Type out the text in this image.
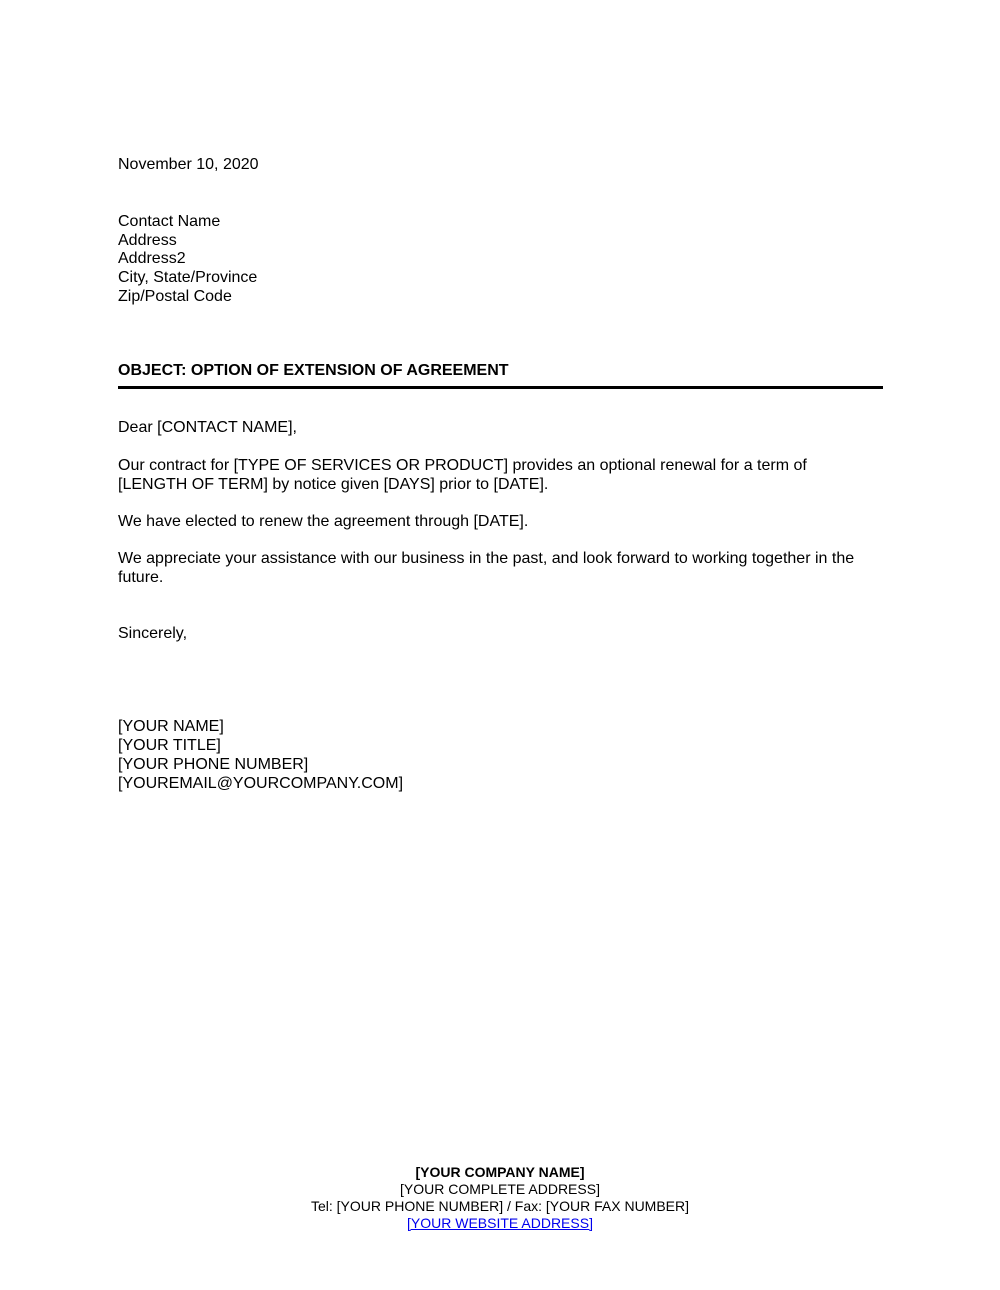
November 10, 2020
Contact Name
Address
Address2
City, State/Province
Zip/Postal Code
OBJECT: OPTION OF EXTENSION OF AGREEMENT
Dear [CONTACT NAME],
Our contract for [TYPE OF SERVICES OR PRODUCT] provides an optional renewal for a term of
[LENGTH OF TERM] by notice given [DAYS] prior to [DATE].
We have elected to renew the agreement through [DATE].
We appreciate your assistance with our business in the past, and look forward to working together in the
future.
Sincerely,
[YOUR NAME]
[YOUR TITLE]
[YOUR PHONE NUMBER]
[YOUREMAIL@YOURCOMPANY.COM]
[YOUR COMPANY NAME]
[YOUR COMPLETE ADDRESS]
Tel: [YOUR PHONE NUMBER] / Fax: [YOUR FAX NUMBER]
[YOUR WEBSITE ADDRESS]
